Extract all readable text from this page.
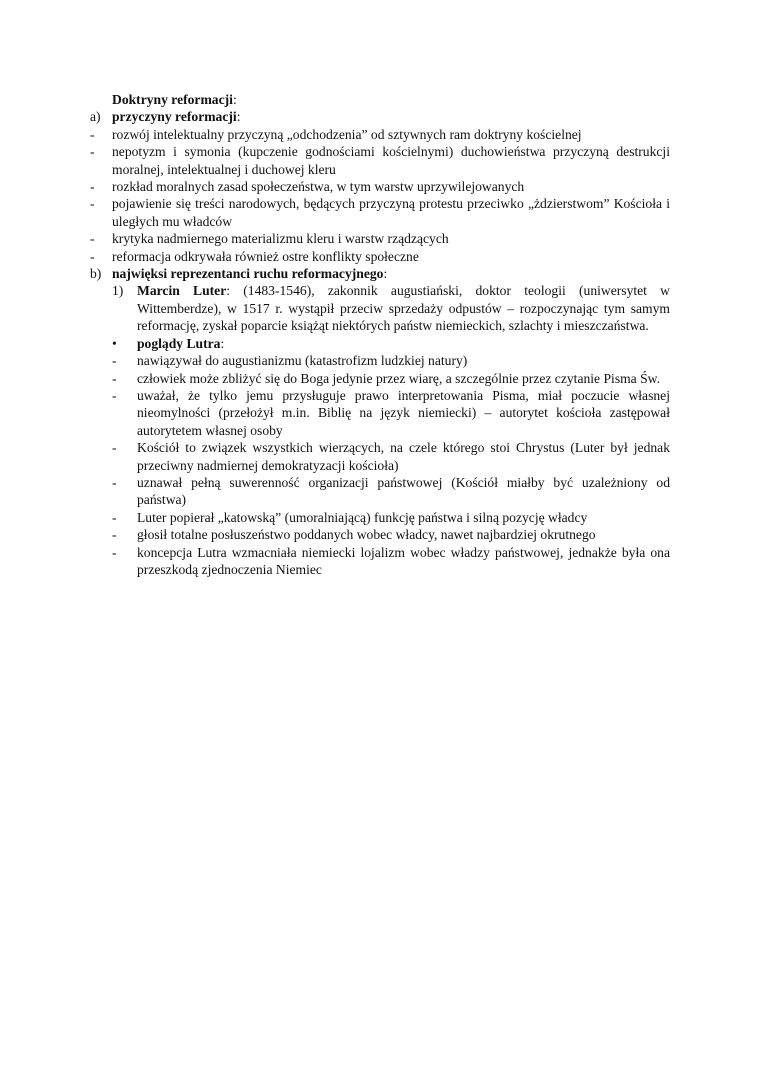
Doktryny reformacji:
a) przyczyny reformacji:
-	rozwój intelektualny przyczyną „odchodzenia” od sztywnych ram doktryny kościelnej
-	nepotyzm i symonia (kupczenie godnościami kościelnymi) duchowieństwa przyczyną destrukcji moralnej, intelektualnej i duchowej kleru
-	rozkład moralnych zasad społeczeństwa, w tym warstw uprzywilejowanych
-	pojawienie się treści narodowych, będących przyczyną protestu przeciwko „żdzierstwom” Kościoła i uległych mu władców
-	krytyka nadmiernego materializmu kleru i warstw rządzących
-	reformacja odkrywała również ostre konflikty społeczne
b) najwięksi reprezentanci ruchu reformacyjnego:
1)	Marcin Luter: (1483-1546), zakonnik augustiański, doktor teologii (uniwersytet w Wittemberdze), w 1517 r. wystąpił przeciw sprzedaży odpustów – rozpoczynając tym samym reformację, zyskał poparcie książąt niektórych państw niemieckich, szlachty i mieszczaństwa.
•	poglądy Lutra:
-	nawiązywał do augustianizmu (katastrofizm ludzkiej natury)
-	człowiek może zbliżyć się do Boga jedynie przez wiarę, a szczególnie przez czytanie Pisma Św.
-	uważał, że tylko jemu przysługuje prawo interpretowania Pisma, miał poczucie własnej nieomylności (przełożył m.in. Biblię na język niemiecki) – autorytet kościoła zastępował autorytetem własnej osoby
-	Kościół to związek wszystkich wierzących, na czele którego stoi Chrystus (Luter był jednak przeciwny nadmiernej demokratyzacji kościoła)
-	uznawał pełną suwerenność organizacji państwowej (Kościół miałby być uzależniony od państwa)
-	Luter popierał „katowską” (umoralniającą) funkcję państwa i silną pozycję władcy
-	głosił totalne posłuszeństwo poddanych wobec władcy, nawet najbardziej okrutnego
-	koncepcja Lutra wzmacniała niemiecki lojalizm wobec władzy państwowej, jednakże była ona przeszkodą zjednoczenia Niemiec
